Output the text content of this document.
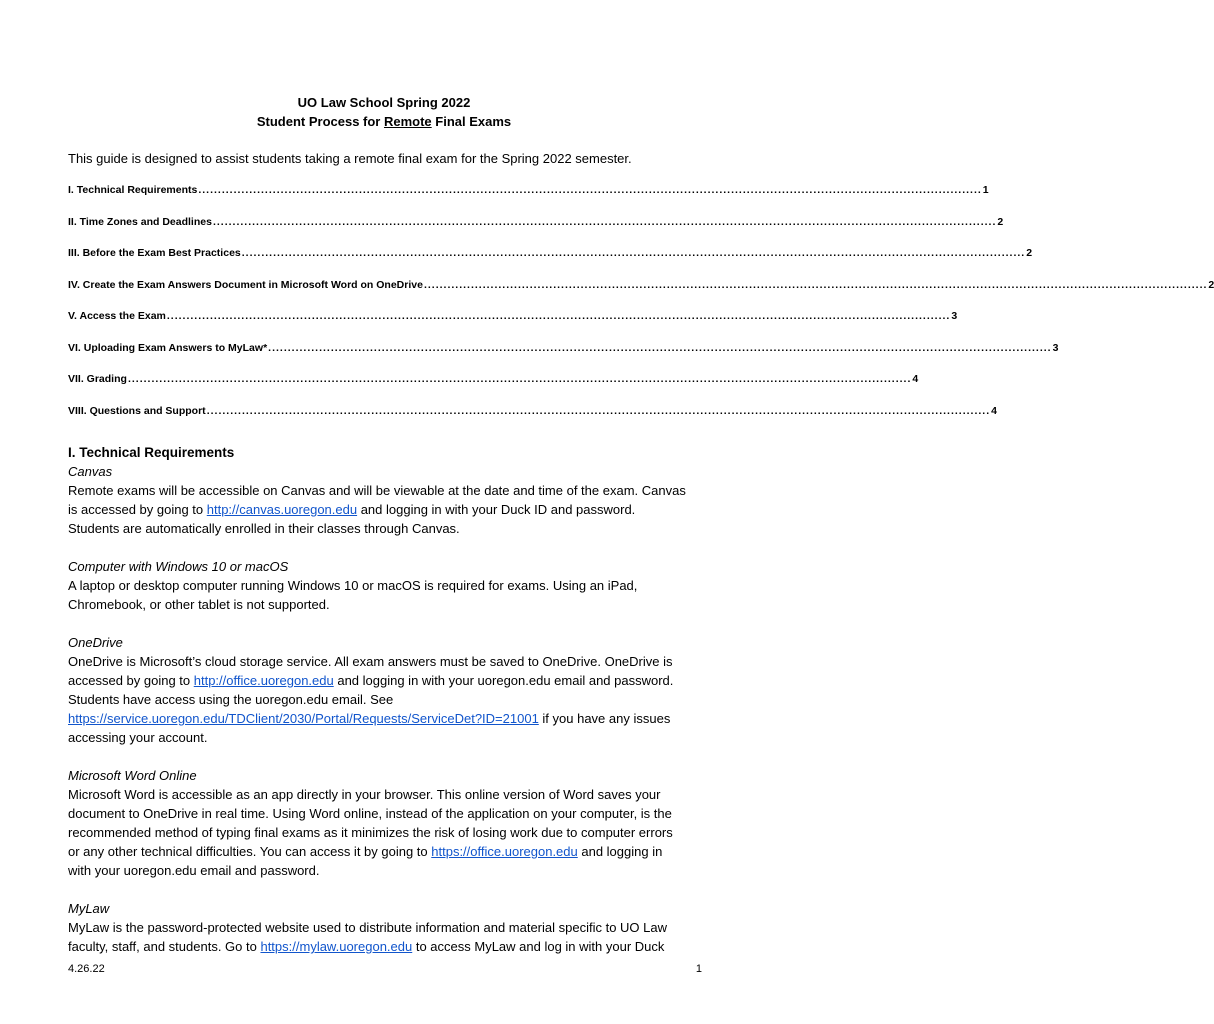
UO Law School Spring 2022
Student Process for Remote Final Exams
This guide is designed to assist students taking a remote final exam for the Spring 2022 semester.
I. Technical Requirements ........................................................................................................................................................................................................ 1
II. Time Zones and Deadlines ........................................................................................................................................................................................................ 2
III. Before the Exam Best Practices ........................................................................................................................................................................................................ 2
IV. Create the Exam Answers Document in Microsoft Word on OneDrive ........................................................................................................................................................................................................ 2
V. Access the Exam ........................................................................................................................................................................................................ 3
VI. Uploading Exam Answers to MyLaw* ........................................................................................................................................................................................................ 3
VII. Grading ........................................................................................................................................................................................................ 4
VIII. Questions and Support ........................................................................................................................................................................................................ 4
I. Technical Requirements
Canvas
Remote exams will be accessible on Canvas and will be viewable at the date and time of the exam. Canvas
is accessed by going to http://canvas.uoregon.edu and logging in with your Duck ID and password.
Students are automatically enrolled in their classes through Canvas.
Computer with Windows 10 or macOS
A laptop or desktop computer running Windows 10 or macOS is required for exams. Using an iPad,
Chromebook, or other tablet is not supported.
OneDrive
OneDrive is Microsoft’s cloud storage service. All exam answers must be saved to OneDrive. OneDrive is
accessed by going to http://office.uoregon.edu and logging in with your uoregon.edu email and password.
Students have access using the uoregon.edu email. See
https://service.uoregon.edu/TDClient/2030/Portal/Requests/ServiceDet?ID=21001 if you have any issues
accessing your account.
Microsoft Word Online
Microsoft Word is accessible as an app directly in your browser. This online version of Word saves your
document to OneDrive in real time. Using Word online, instead of the application on your computer, is the
recommended method of typing final exams as it minimizes the risk of losing work due to computer errors
or any other technical difficulties. You can access it by going to https://office.uoregon.edu and logging in
with your uoregon.edu email and password.
MyLaw
MyLaw is the password-protected website used to distribute information and material specific to UO Law
faculty, staff, and students. Go to https://mylaw.uoregon.edu to access MyLaw and log in with your Duck
4.26.22	1
